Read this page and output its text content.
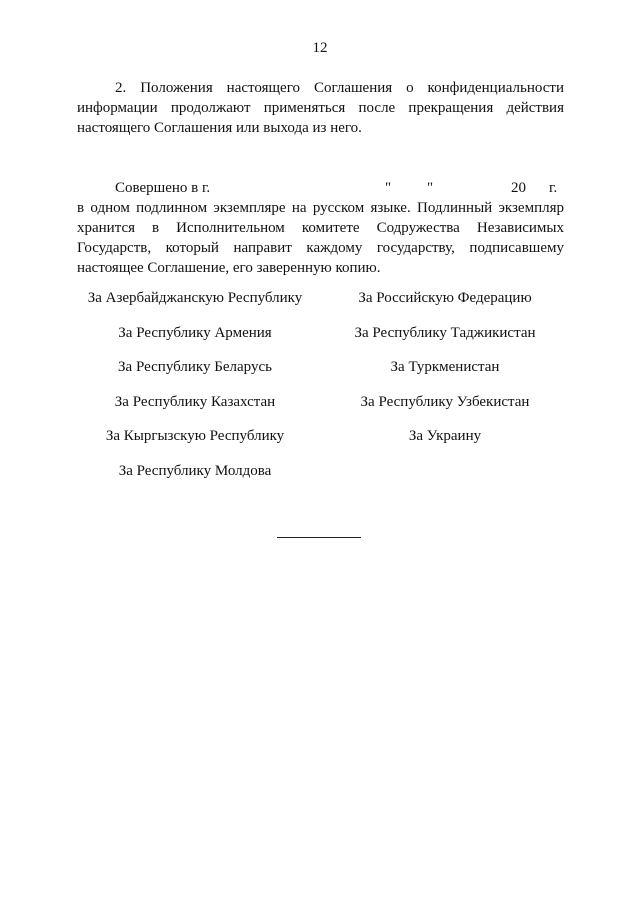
12
2. Положения настоящего Соглашения о конфиденциальности
информации продолжают применяться после прекращения действия
настоящего Соглашения или выхода из него.
Совершено в г.	" "	20 г.
в одном подлинном экземпляре на русском языке. Подлинный экземпляр
хранится в Исполнительном комитете Содружества Независимых
Государств, который направит каждому государству, подписавшему
настоящее Соглашение, его заверенную копию.
За Азербайджанскую Республику
За Республику Армения
За Республику Беларусь
За Республику Казахстан
За Кыргызскую Республику
За Республику Молдова
За Российскую Федерацию
За Республику Таджикистан
За Туркменистан
За Республику Узбекистан
За Украину
